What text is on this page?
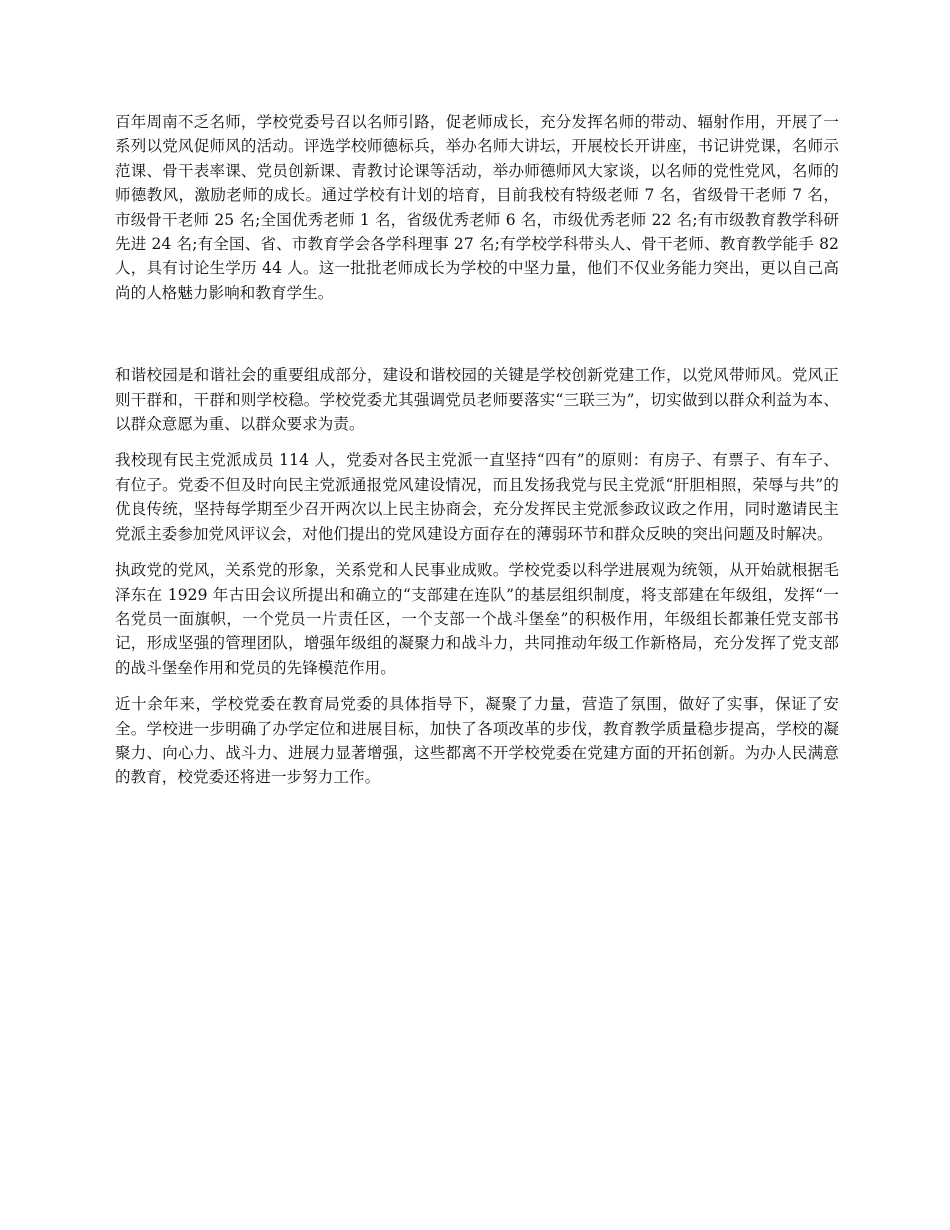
百年周南不乏名师，学校党委号召以名师引路，促老师成长，充分发挥名师的带动、辐射作用，开展了一系列以党风促师风的活动。评选学校师德标兵，举办名师大讲坛，开展校长开讲座，书记讲党课，名师示范课、骨干表率课、党员创新课、青教讨论课等活动，举办师德师风大家谈，以名师的党性党风，名师的师德教风，激励老师的成长。通过学校有计划的培育，目前我校有特级老师 7 名，省级骨干老师 7 名，市级骨干老师 25 名;全国优秀老师 1 名，省级优秀老师 6 名，市级优秀老师 22 名;有市级教育教学科研先进 24 名;有全国、省、市教育学会各学科理事 27 名;有学校学科带头人、骨干老师、教育教学能手 82 人，具有讨论生学历 44 人。这一批批老师成长为学校的中坚力量，他们不仅业务能力突出，更以自己高尚的人格魅力影响和教育学生。

和谐校园是和谐社会的重要组成部分，建设和谐校园的关键是学校创新党建工作，以党风带师风。党风正则干群和，干群和则学校稳。学校党委尤其强调党员老师要落实“三联三为”，切实做到以群众利益为本、以群众意愿为重、以群众要求为责。

我校现有民主党派成员 114 人，党委对各民主党派一直坚持“四有”的原则：有房子、有票子、有车子、有位子。党委不但及时向民主党派通报党风建设情况，而且发扬我党与民主党派“肝胆相照，荣辱与共”的优良传统，坚持每学期至少召开两次以上民主协商会，充分发挥民主党派参政议政之作用，同时邀请民主党派主委参加党风评议会，对他们提出的党风建设方面存在的薄弱环节和群众反映的突出问题及时解决。

执政党的党风，关系党的形象，关系党和人民事业成败。学校党委以科学进展观为统领，从开始就根据毛泽东在 1929 年古田会议所提出和确立的“支部建在连队”的基层组织制度，将支部建在年级组，发挥“一名党员一面旗帜，一个党员一片责任区，一个支部一个战斗堡垒”的积极作用，年级组长都兼任党支部书记，形成坚强的管理团队，增强年级组的凝聚力和战斗力，共同推动年级工作新格局，充分发挥了党支部的战斗堡垒作用和党员的先锋模范作用。

近十余年来，学校党委在教育局党委的具体指导下，凝聚了力量，营造了氛围，做好了实事，保证了安全。学校进一步明确了办学定位和进展目标，加快了各项改革的步伐，教育教学质量稳步提高，学校的凝聚力、向心力、战斗力、进展力显著增强，这些都离不开学校党委在党建方面的开拓创新。为办人民满意的教育，校党委还将进一步努力工作。
